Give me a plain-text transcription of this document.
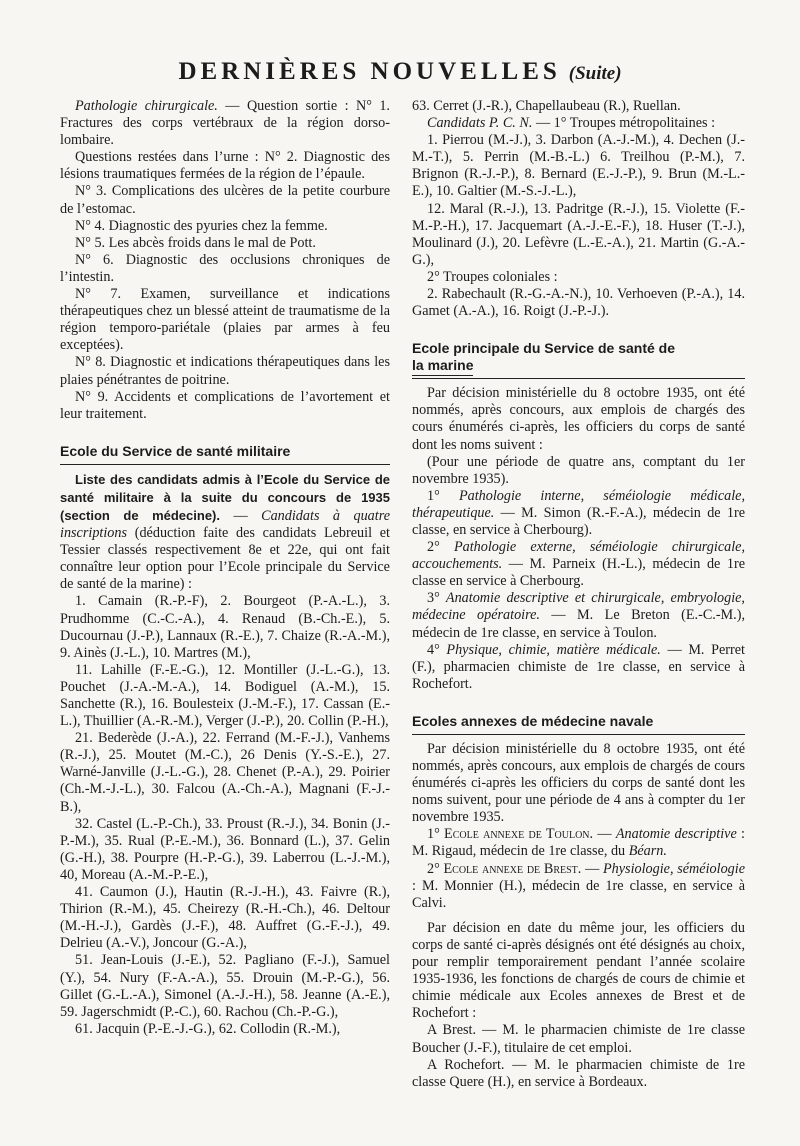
DERNIÈRES NOUVELLES (Suite)

Pathologie chirurgicale. — Question sortie : N° 1. Fractures des corps vertébraux de la région dorso-lombaire.

Questions restées dans l’urne : N° 2. Diagnostic des lésions traumatiques fermées de la région de l’épaule.

N° 3. Complications des ulcères de la petite courbure de l’estomac.

N° 4. Diagnostic des pyuries chez la femme.

N° 5. Les abcès froids dans le mal de Pott.

N° 6. Diagnostic des occlusions chroniques de l’intestin.

N° 7. Examen, surveillance et indications thérapeutiques chez un blessé atteint de traumatisme de la région temporo-pariétale (plaies par armes à feu exceptées).

N° 8. Diagnostic et indications thérapeutiques dans les plaies pénétrantes de poitrine.

N° 9. Accidents et complications de l’avortement et leur traitement.

Ecole du Service de santé militaire

Liste des candidats admis à l’Ecole du Service de santé militaire à la suite du concours de 1935 (section de médecine). — Candidats à quatre inscriptions (déduction faite des candidats Lebreuil et Tessier classés respectivement 8e et 22e, qui ont fait connaître leur option pour l’Ecole principale du Service de santé de la marine) :

1. Camain (R.-P.-F), 2. Bourgeot (P.-A.-L.), 3. Prudhomme (C.-C.-A.), 4. Renaud (B.-Ch.-E.), 5. Ducournau (J.-P.), Lannaux (R.-E.), 7. Chaize (R.-A.-M.), 9. Ainès (J.-L.), 10. Martres (M.),

11. Lahille (F.-E.-G.), 12. Montiller (J.-L.-G.), 13. Pouchet (J.-A.-M.-A.), 14. Bodiguel (A.-M.), 15. Sanchette (R.), 16. Boulesteix (J.-M.-F.), 17. Cassan (E.-L.), Thuillier (A.-R.-M.), Verger (J.-P.), 20. Collin (P.-H.),

21. Bederède (J.-A.), 22. Ferrand (M.-F.-J.), Vanhems (R.-J.), 25. Moutet (M.-C.), 26 Denis (Y.-S.-E.), 27. Warné-Janville (J.-L.-G.), 28. Chenet (P.-A.), 29. Poirier (Ch.-M.-J.-L.), 30. Falcou (A.-Ch.-A.), Magnani (F.-J.-B.),

32. Castel (L.-P.-Ch.), 33. Proust (R.-J.), 34. Bonin (J.-P.-M.), 35. Rual (P.-E.-M.), 36. Bonnard (L.), 37. Gelin (G.-H.), 38. Pourpre (H.-P.-G.), 39. Laberrou (L.-J.-M.), 40, Moreau (A.-M.-P.-E.),

41. Caumon (J.), Hautin (R.-J.-H.), 43. Faivre (R.), Thirion (R.-M.), 45. Cheirezy (R.-H.-Ch.), 46. Deltour (M.-H.-J.), Gardès (J.-F.), 48. Auffret (G.-F.-J.), 49. Delrieu (A.-V.), Joncour (G.-A.),

51. Jean-Louis (J.-E.), 52. Pagliano (F.-J.), Samuel (Y.), 54. Nury (F.-A.-A.), 55. Drouin (M.-P.-G.), 56. Gillet (G.-L.-A.), Simonel (A.-J.-H.), 58. Jeanne (A.-E.), 59. Jagerschmidt (P.-C.), 60. Rachou (Ch.-P.-G.),

61. Jacquin (P.-E.-J.-G.), 62. Collodin (R.-M.),

63. Cerret (J.-R.), Chapellaubeau (R.), Ruellan.

Candidats P. C. N. — 1° Troupes métropolitaines :

1. Pierrou (M.-J.), 3. Darbon (A.-J.-M.), 4. Dechen (J.-M.-T.), 5. Perrin (M.-B.-L.) 6. Treilhou (P.-M.), 7. Brignon (R.-J.-P.), 8. Bernard (E.-J.-P.), 9. Brun (M.-L.-E.), 10. Galtier (M.-S.-J.-L.),

12. Maral (R.-J.), 13. Padritge (R.-J.), 15. Violette (F.-M.-P.-H.), 17. Jacquemart (A.-J.-E.-F.), 18. Huser (T.-J.), Moulinard (J.), 20. Lefèvre (L.-E.-A.), 21. Martin (G.-A.-G.),

2° Troupes coloniales :

2. Rabechault (R.-G.-A.-N.), 10. Verhoeven (P.-A.), 14. Gamet (A.-A.), 16. Roigt (J.-P.-J.).

Ecole principale du Service de santé de
la marine

Par décision ministérielle du 8 octobre 1935, ont été nommés, après concours, aux emplois de chargés des cours énumérés ci-après, les officiers du corps de santé dont les noms suivent :

(Pour une période de quatre ans, comptant du 1er novembre 1935).

1° Pathologie interne, séméiologie médicale, thérapeutique. — M. Simon (R.-F.-A.), médecin de 1re classe, en service à Cherbourg).

2° Pathologie externe, séméiologie chirurgicale, accouchements. — M. Parneix (H.-L.), médecin de 1re classe en service à Cherbourg.

3° Anatomie descriptive et chirurgicale, embryologie, médecine opératoire. — M. Le Breton (E.-C.-M.), médecin de 1re classe, en service à Toulon.

4° Physique, chimie, matière médicale. — M. Perret (F.), pharmacien chimiste de 1re classe, en service à Rochefort.

Ecoles annexes de médecine navale

Par décision ministérielle du 8 octobre 1935, ont été nommés, après concours, aux emplois de chargés de cours énumérés ci-après les officiers du corps de santé dont les noms suivent, pour une période de 4 ans à compter du 1er novembre 1935.

1° Ecole annexe de Toulon. — Anatomie descriptive : M. Rigaud, médecin de 1re classe, du Béarn.

2° Ecole annexe de Brest. — Physiologie, séméiologie : M. Monnier (H.), médecin de 1re classe, en service à Calvi.

Par décision en date du même jour, les officiers du corps de santé ci-après désignés ont été désignés au choix, pour remplir temporairement pendant l’année scolaire 1935-1936, les fonctions de chargés de cours de chimie et chimie médicale aux Ecoles annexes de Brest et de Rochefort :

A Brest. — M. le pharmacien chimiste de 1re classe Boucher (J.-F.), titulaire de cet emploi.

A Rochefort. — M. le pharmacien chimiste de 1re classe Quere (H.), en service à Bordeaux.
